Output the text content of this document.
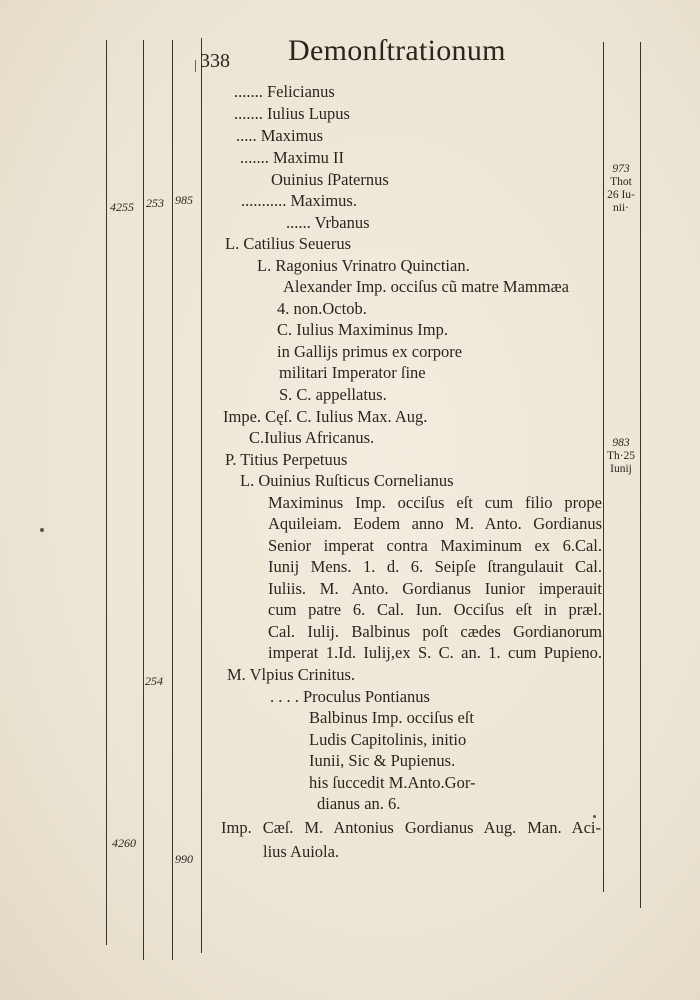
338 Demonſtrationum
4255 253 985
254
4260
990
973
Thot
26 Iu-
nii·
983
Th·25
Iunij
....... Felicianus
....... Iulius Lupus
..... Maximus
....... Maximu II
Ouinius ſPaternus
........... Maximus.
...... Vrbanus
L. Catilius Seuerus
L. Ragonius Vrinatro Quinctian.
Alexander Imp. occiſus cũ matre Mammæa
4. non.Octob.
C. Iulius Maximinus Imp.
in Gallijs primus ex corpore
militari Imperator ſine
S. C. appellatus.
Impe. Cęſ. C. Iulius Max. Aug.
C.Iulius Africanus.
P. Titius Perpetuus
L. Ouinius Ruſticus Cornelianus
Maximinus Imp. occiſus eſt cum filio prope
Aquileiam. Eodem anno M. Anto. Gordianus
Senior imperat contra Maximinum ex 6.Cal.
Iunij Mens. 1. d. 6. Seipſe ſtrangulauit Cal.
Iuliis. M. Anto. Gordianus Iunior imperauit
cum patre 6. Cal. Iun. Occiſus eſt in præl.
Cal. Iulij. Balbinus poſt cædes Gordianorum
imperat 1.Id. Iulij,ex S. C. an. 1. cum Pupieno.
M. Vlpius Crinitus.
. . . . Proculus Pontianus
Balbinus Imp. occiſus eſt
Ludis Capitolinis, initio
Iunii, Sic & Pupienus.
his ſuccedit M.Anto.Gor-
dianus an. 6.
Imp. Cæſ. M. Antonius Gordianus Aug. Man. Aci-
lius Auiola.
